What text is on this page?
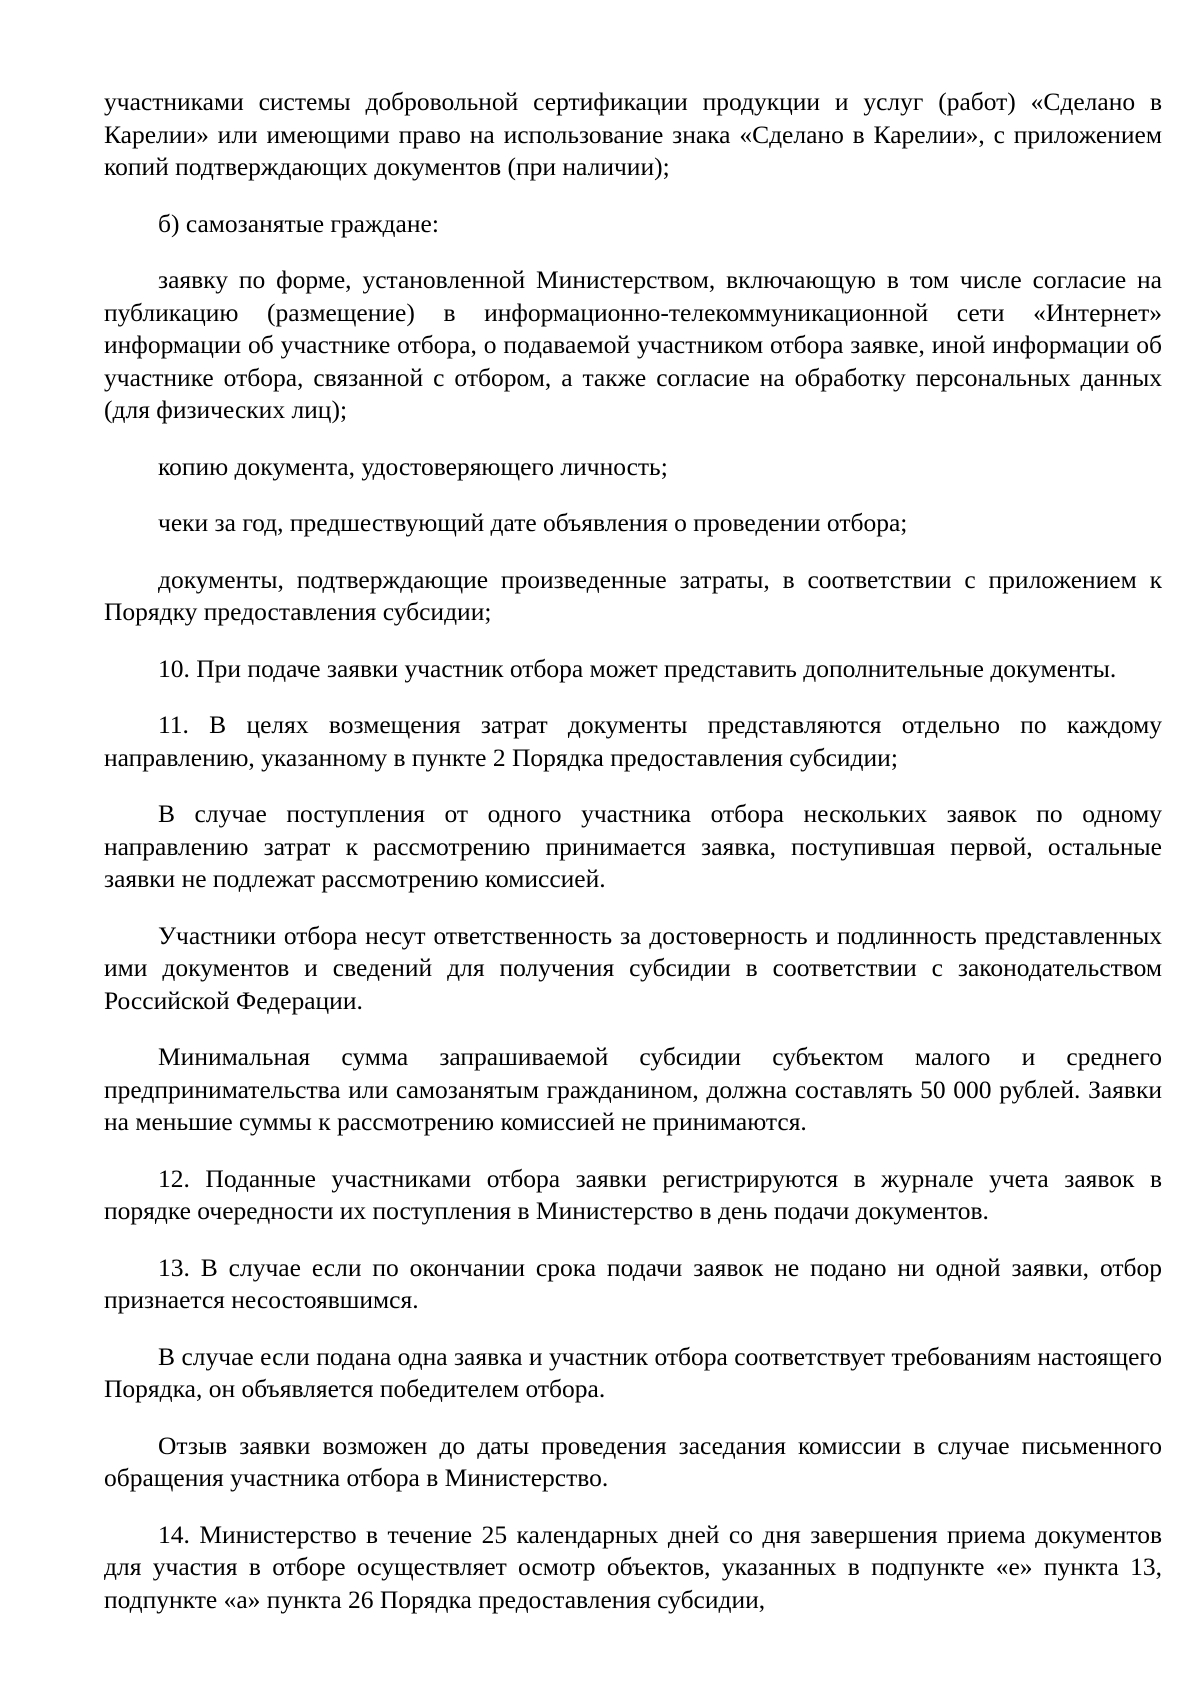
участниками системы добровольной сертификации продукции и услуг (работ) «Сделано в Карелии» или имеющими право на использование знака «Сделано в Карелии», с приложением копий подтверждающих документов (при наличии);

б) самозанятые граждане:

заявку по форме, установленной Министерством, включающую в том числе согласие на публикацию (размещение) в информационно-телекоммуникационной сети «Интернет» информации об участнике отбора, о подаваемой участником отбора заявке, иной информации об участнике отбора, связанной с отбором, а также согласие на обработку персональных данных (для физических лиц);

копию документа, удостоверяющего личность;

чеки за год, предшествующий дате объявления о проведении отбора;

документы, подтверждающие произведенные затраты, в соответствии с приложением к Порядку предоставления субсидии;

10. При подаче заявки участник отбора может представить дополнительные документы.

11. В целях возмещения затрат документы представляются отдельно по каждому направлению, указанному в пункте 2 Порядка предоставления субсидии;

В случае поступления от одного участника отбора нескольких заявок по одному направлению затрат к рассмотрению принимается заявка, поступившая первой, остальные заявки не подлежат рассмотрению комиссией.

Участники отбора несут ответственность за достоверность и подлинность представленных ими документов и сведений для получения субсидии в соответствии с законодательством Российской Федерации.

Минимальная сумма запрашиваемой субсидии субъектом малого и среднего предпринимательства или самозанятым гражданином, должна составлять 50 000 рублей. Заявки на меньшие суммы к рассмотрению комиссией не принимаются.

12. Поданные участниками отбора заявки регистрируются в журнале учета заявок в порядке очередности их поступления в Министерство в день подачи документов.

13. В случае если по окончании срока подачи заявок не подано ни одной заявки, отбор признается несостоявшимся.

В случае если подана одна заявка и участник отбора соответствует требованиям настоящего Порядка, он объявляется победителем отбора.

Отзыв заявки возможен до даты проведения заседания комиссии в случае письменного обращения участника отбора в Министерство.

14. Министерство в течение 25 календарных дней со дня завершения приема документов для участия в отборе осуществляет осмотр объектов, указанных в подпункте «е» пункта 13, подпункте «а» пункта 26 Порядка предоставления субсидии,
